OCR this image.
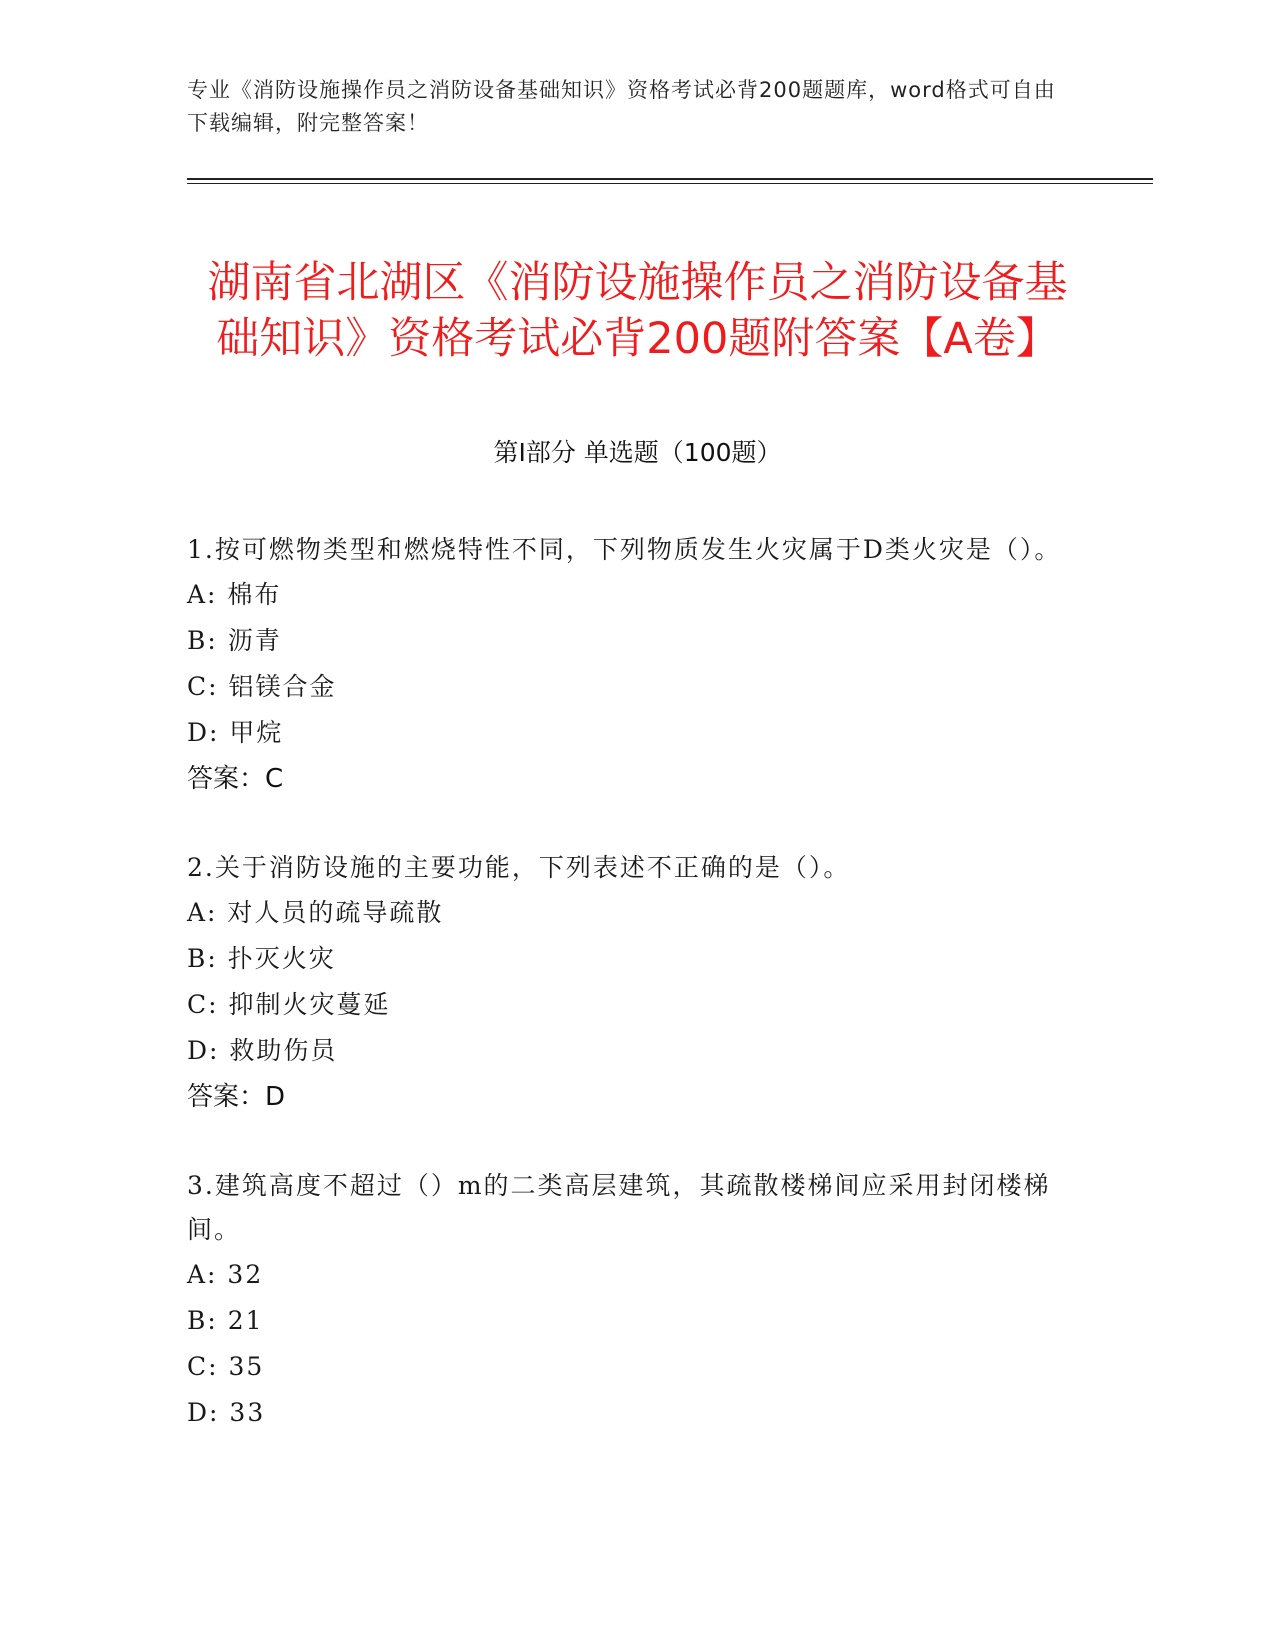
专业《消防设施操作员之消防设备基础知识》资格考试必背200题题库，word格式可自由下载编辑，附完整答案！
湖南省北湖区《消防设施操作员之消防设备基础知识》资格考试必背200题附答案【A卷】
第I部分 单选题（100题）

1.按可燃物类型和燃烧特性不同，下列物质发生火灾属于D类火灾是（）。

A: 棉布

B: 沥青

C: 铝镁合金

D: 甲烷

答案：C

2.关于消防设施的主要功能，下列表述不正确的是（）。

A: 对人员的疏导疏散

B: 扑灭火灾

C: 抑制火灾蔓延

D: 救助伤员

答案：D

3.建筑高度不超过（）m的二类高层建筑，其疏散楼梯间应采用封闭楼梯间。

A: 32

B: 21

C: 35

D: 33
